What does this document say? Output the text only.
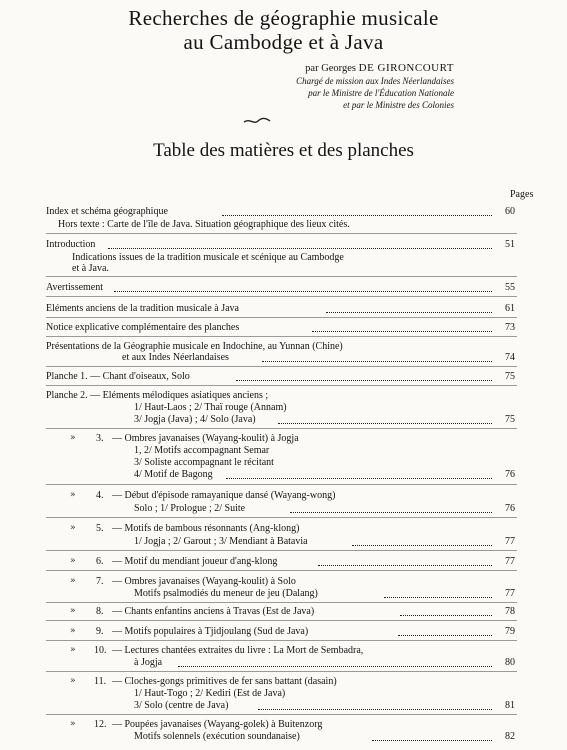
Recherches de géographie musicale
au Cambodge et à Java
par Georges DE GIRONCOURT
Chargé de mission aux Indes Néerlandaises
par le Ministre de l'Éducation Nationale
et par le Ministre des Colonies
Table des matières et des planches
Pages
Index et schéma géographique	60
Hors texte : Carte de l'île de Java. Situation géographique des lieux cités.
Introduction	51
Indications issues de la tradition musicale et scénique au Cambodge
et à Java.
Avertissement	55
Eléments anciens de la tradition musicale à Java	61
Notice explicative complémentaire des planches	73
Présentations de la Géographie musicale en Indochine, au Yunnan (Chine)
et aux Indes Néerlandaises	74
Planche 1. — Chant d'oiseaux, Solo	75
Planche 2. — Eléments mélodiques asiatiques anciens ;
1/ Haut-Laos ; 2/ Thaï rouge (Annam)
3/ Jogja (Java) ; 4/ Solo (Java)	75
» 3. — Ombres javanaises (Wayang-koulit) à Jogja
1, 2/ Motifs accompagnant Semar
3/ Soliste accompagnant le récitant
4/ Motif de Bagong	76
» 4. — Début d'épisode ramayanique dansé (Wayang-wong)
Solo ; 1/ Prologue ; 2/ Suite	76
» 5. — Motifs de bambous résonnants (Ang-klong)
1/ Jogja ; 2/ Garout ; 3/ Mendiant à Batavia	77
» 6. — Motif du mendiant joueur d'ang-klong	77
» 7. — Ombres javanaises (Wayang-koulit) à Solo
Motifs psalmodiés du meneur de jeu (Dalang)	77
» 8. — Chants enfantins anciens à Travas (Est de Java)	78
» 9. — Motifs populaires à Tjidjoulang (Sud de Java)	79
» 10. — Lectures chantées extraites du livre : La Mort de Sembadra,
à Jogja	80
» 11. — Cloches-gongs primitives de fer sans battant (dasain)
1/ Haut-Togo ; 2/ Kediri (Est de Java)
3/ Solo (centre de Java)	81
» 12. — Poupées javanaises (Wayang-golek) à Buitenzorg
Motifs solennels (exécution soundanaise)	82
